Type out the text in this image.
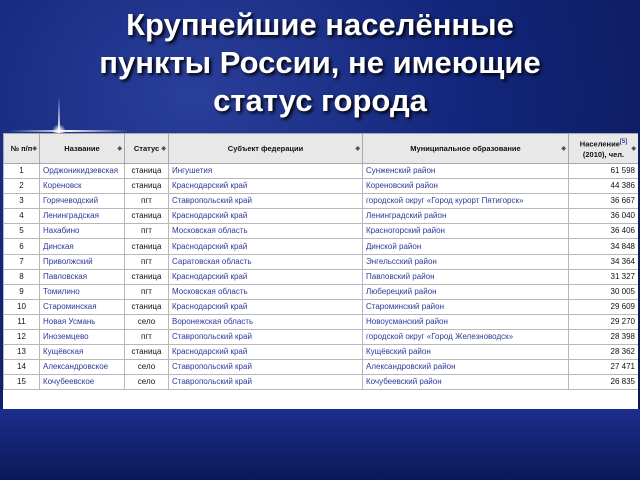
Крупнейшие населённые
пункты России, не имеющие
статус города
№ п/п ◆	Название ◆	Статус ◆	Субъект федерации ◆	Муниципальное образование ◆	Население[5]
(2010), чел.
◆

1	Орджоникидзевская	станица	Ингушетия	Сунженский район	61 598
2	Кореновск	станица	Краснодарский край	Кореновский район	44 386
3	Горячеводский	пгт	Ставропольский край	городской округ «Город курорт Пятигорск»	36 667
4	Ленинградская	станица	Краснодарский край	Ленинградский район	36 040
5	Нахабино	пгт	Московская область	Красногорский район	36 406
6	Динская	станица	Краснодарский край	Динской район	34 848
7	Приволжский	пгт	Саратовская область	Энгельсский район	34 364
8	Павловская	станица	Краснодарский край	Павловский район	31 327
9	Томилино	пгт	Московская область	Люберецкий район	30 005
10	Староминская	станица	Краснодарский край	Староминский район	29 609
11	Новая Усмань	село	Воронежская область	Новоусманский район	29 270
12	Иноземцево	пгт	Ставропольский край	городской округ «Город Железноводск»	28 398
13	Кущёвская	станица	Краснодарский край	Кущёвский район	28 362
14	Александровское	село	Ставропольский край	Александровский район	27 471
15	Кочубеевское	село	Ставропольский край	Кочубеевский район	26 835
